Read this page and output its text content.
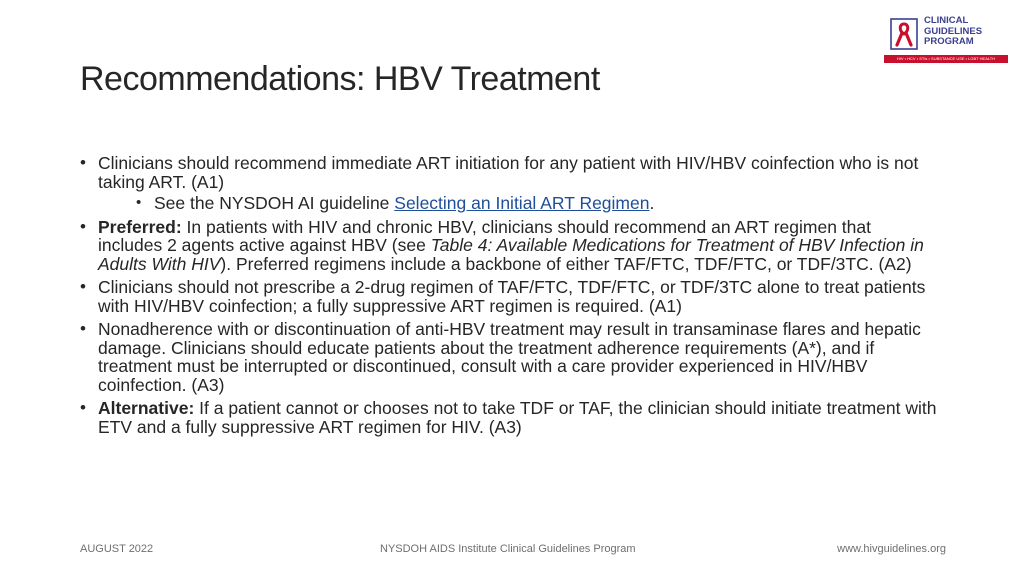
Recommendations: HBV Treatment
CLINICAL
GUIDELINES
PROGRAM
HIV • HCV • STIs • SUBSTANCE USE • LGBT HEALTH
• Clinicians should recommend immediate ART initiation for any patient with HIV/HBV coinfection who is not taking ART. (A1)
• See the NYSDOH AI guideline Selecting an Initial ART Regimen.
• Preferred: In patients with HIV and chronic HBV, clinicians should recommend an ART regimen that includes 2 agents active against HBV (see Table 4: Available Medications for Treatment of HBV Infection in Adults With HIV). Preferred regimens include a backbone of either TAF/FTC, TDF/FTC, or TDF/3TC. (A2)
• Clinicians should not prescribe a 2-drug regimen of TAF/FTC, TDF/FTC, or TDF/3TC alone to treat patients with HIV/HBV coinfection; a fully suppressive ART regimen is required. (A1)
• Nonadherence with or discontinuation of anti-HBV treatment may result in transaminase flares and hepatic damage. Clinicians should educate patients about the treatment adherence requirements (A*), and if treatment must be interrupted or discontinued, consult with a care provider experienced in HIV/HBV coinfection. (A3)
• Alternative: If a patient cannot or chooses not to take TDF or TAF, the clinician should initiate treatment with ETV and a fully suppressive ART regimen for HIV. (A3)
AUGUST 2022	NYSDOH AIDS Institute Clinical Guidelines Program	www.hivguidelines.org
